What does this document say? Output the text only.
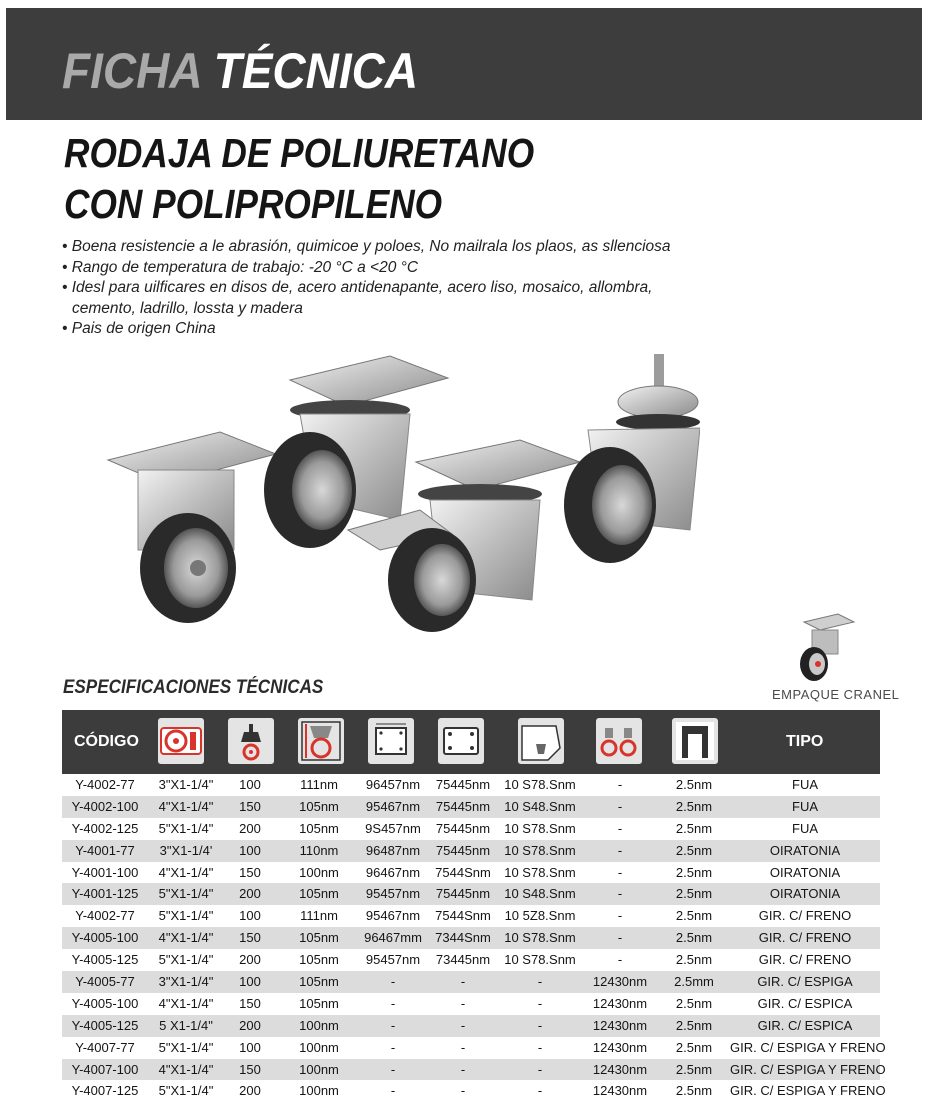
FICHA TÉCNICA
RODAJA DE POLIURETANO CON POLIPROPILENO
• Boena resistencie a le abrasión, quimicoe y poloes, No mailrala los plaos, as sllenciosa
• Rango de temperatura de trabajo: -20 °C a <20 °C
• Idesl para uilficares en disos de, acero antidenapante, acero liso, mosaico, allombra, cemento, ladrillo, lossta y madera
• Pais de origen China
ESPECIFICACIONES TÉCNICAS	EMPAQUE CRANEL
CÓDIGO	TIPO
Y-4002-77	3"X1-1/4"	100	111nm	96457nm	75445nm	10 S78.Snm	-	2.5nm	FUA
Y-4002-100	4"X1-1/4"	150	105nm	95467nm	75445nm	10 S48.Snm	-	2.5nm	FUA
Y-4002-125	5"X1-1/4"	200	105nm	9S457nm	75445nm	10 S78.Snm	-	2.5nm	FUA
Y-4001-77	3"X1-1/4'	100	110nm	96487nm	75445nm	10 S78.Snm	-	2.5nm	OIRATONIA
Y-4001-100	4"X1-1/4"	150	100nm	96467nm	7544Snm	10 S78.Snm	-	2.5nm	OIRATONIA
Y-4001-125	5"X1-1/4"	200	105nm	95457nm	75445nm	10 S48.Snm	-	2.5nm	OIRATONIA
Y-4002-77	5"X1-1/4"	100	111nm	95467nm	7544Snm	10 5Z8.Snm	-	2.5nm	GIR. C/ FRENO
Y-4005-100	4"X1-1/4"	150	105nm	96467mm	7344Snm	10 S78.Snm	-	2.5nm	GIR. C/ FRENO
Y-4005-125	5"X1-1/4"	200	105nm	95457nm	73445nm	10 S78.Snm	-	2.5nm	GIR. C/ FRENO
Y-4005-77	3"X1-1/4"	100	105nm	-	-	-	12430nm	2.5mm	GIR. C/ ESPIGA
Y-4005-100	4"X1-1/4"	150	105nm	-	-	-	12430nm	2.5nm	GIR. C/ ESPICA
Y-4005-125	5 X1-1/4"	200	100nm	-	-	-	12430nm	2.5nm	GIR. C/ ESPICA
Y-4007-77	5"X1-1/4"	100	100nm	-	-	-	12430nm	2.5nm	GIR. C/ ESPIGA Y FRENO
Y-4007-100	4"X1-1/4"	150	100nm	-	-	-	12430nm	2.5nm	GIR. C/ ESPIGA Y FRENO
Y-4007-125	5"X1-1/4"	200	100nm	-	-	-	12430nm	2.5nm	GIR. C/ ESPIGA Y FRENO
